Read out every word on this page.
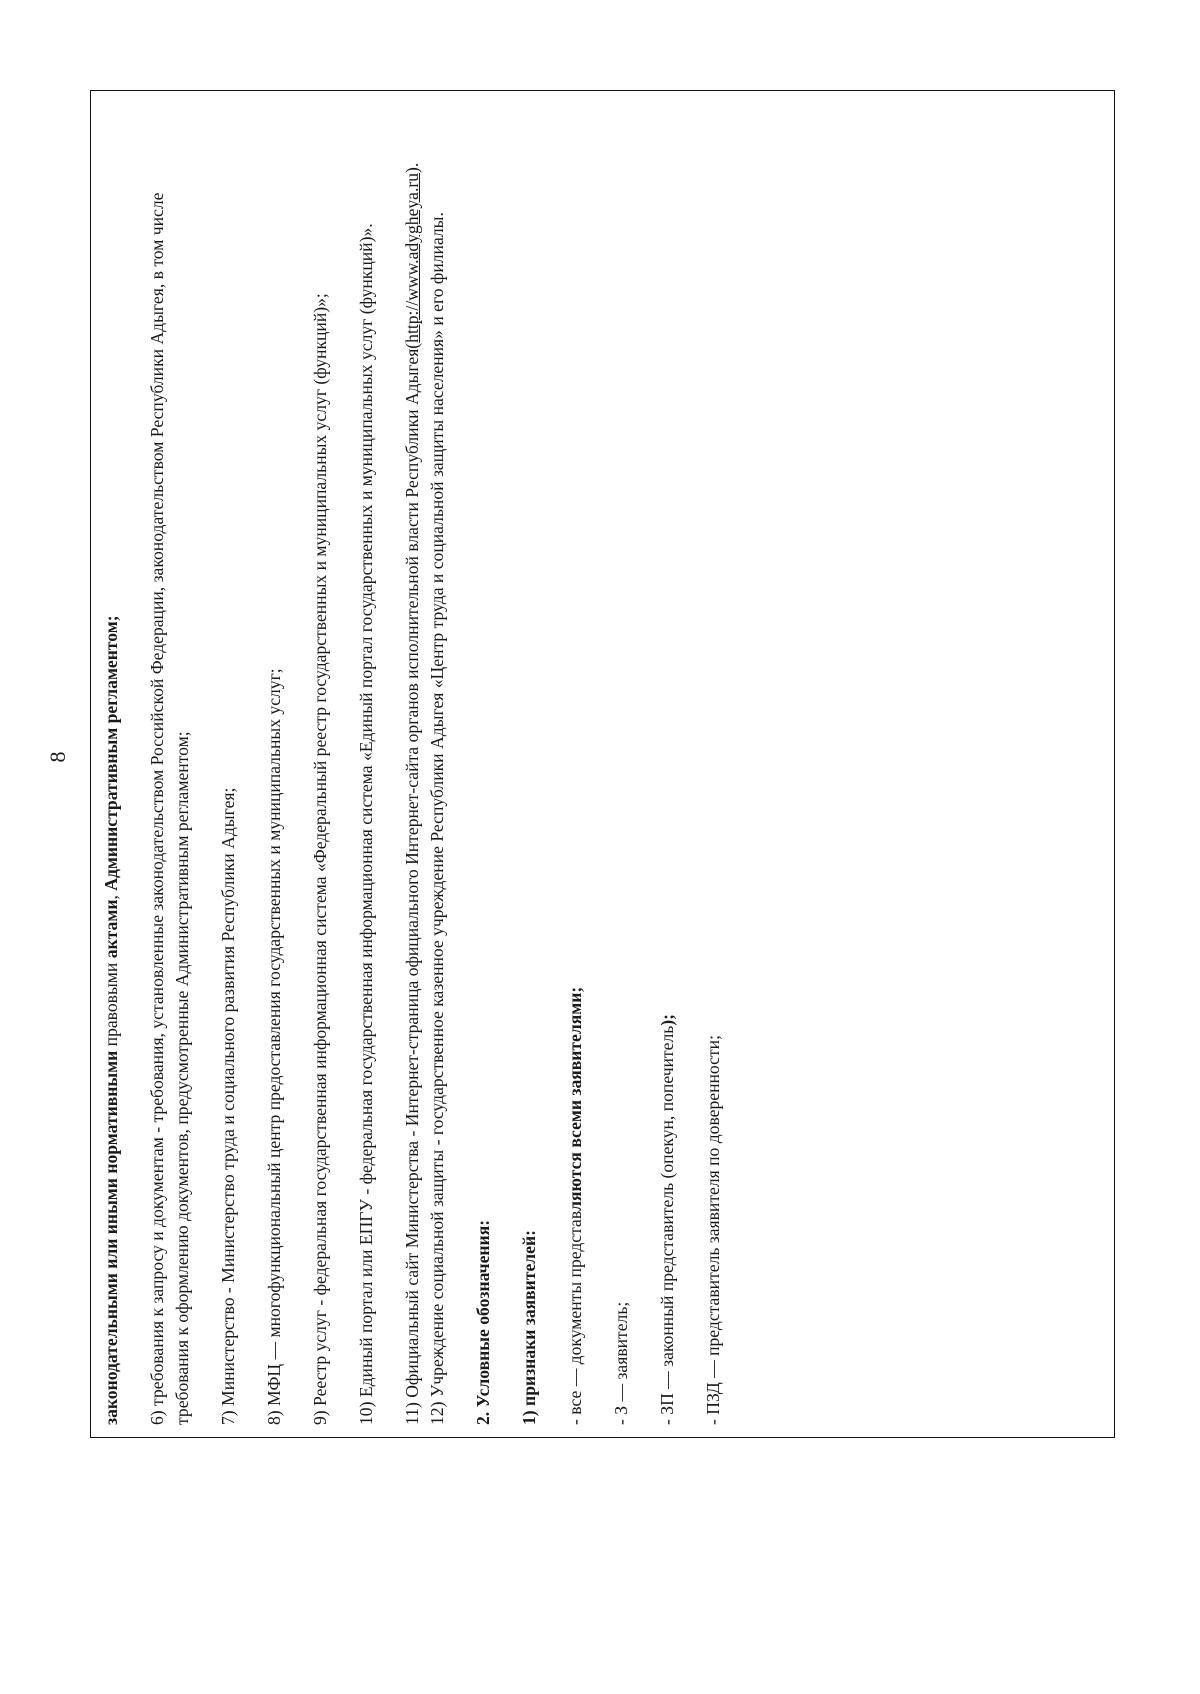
8

законодательными или иными нормативными правовыми актами, Административным регламентом; 6) требования к запросу и документам - требования, установленные законодательством Российской Федерации, законодательством Республики Адыгея, в том числе требования к оформлению документов, предусмотренные Административным регламентом; 7) Министерство - Министерство труда и социального развития Республики Адыгея; 8) МФЦ — многофункциональный центр предоставления государственных и муниципальных услуг; 9) Реестр услуг - федеральная государственная информационная система «Федеральный реестр государственных и муниципальных услуг (функций)»; 10) Единый портал или ЕПГУ - федеральная государственная информационная система «Единый портал государственных и муниципальных услуг (функций)». 11) Официальный сайт Министерства - Интернет-страница официального Интернет-сайта органов исполнительной власти Республики Адыгея(http://www.adygheya.ru).

12) Учреждение социальной защиты - государственное казенное учреждение Республики Адыгея «Центр труда и социальной защиты населения» и его филиалы. 2. Условные обозначения: 1) признаки заявителей: - все — документы представляются всеми заявителями;

- З — заявитель; - ЗП — законный представитель (опекун, попечитель);

- ПЗД — представитель заявителя по доверенности;
